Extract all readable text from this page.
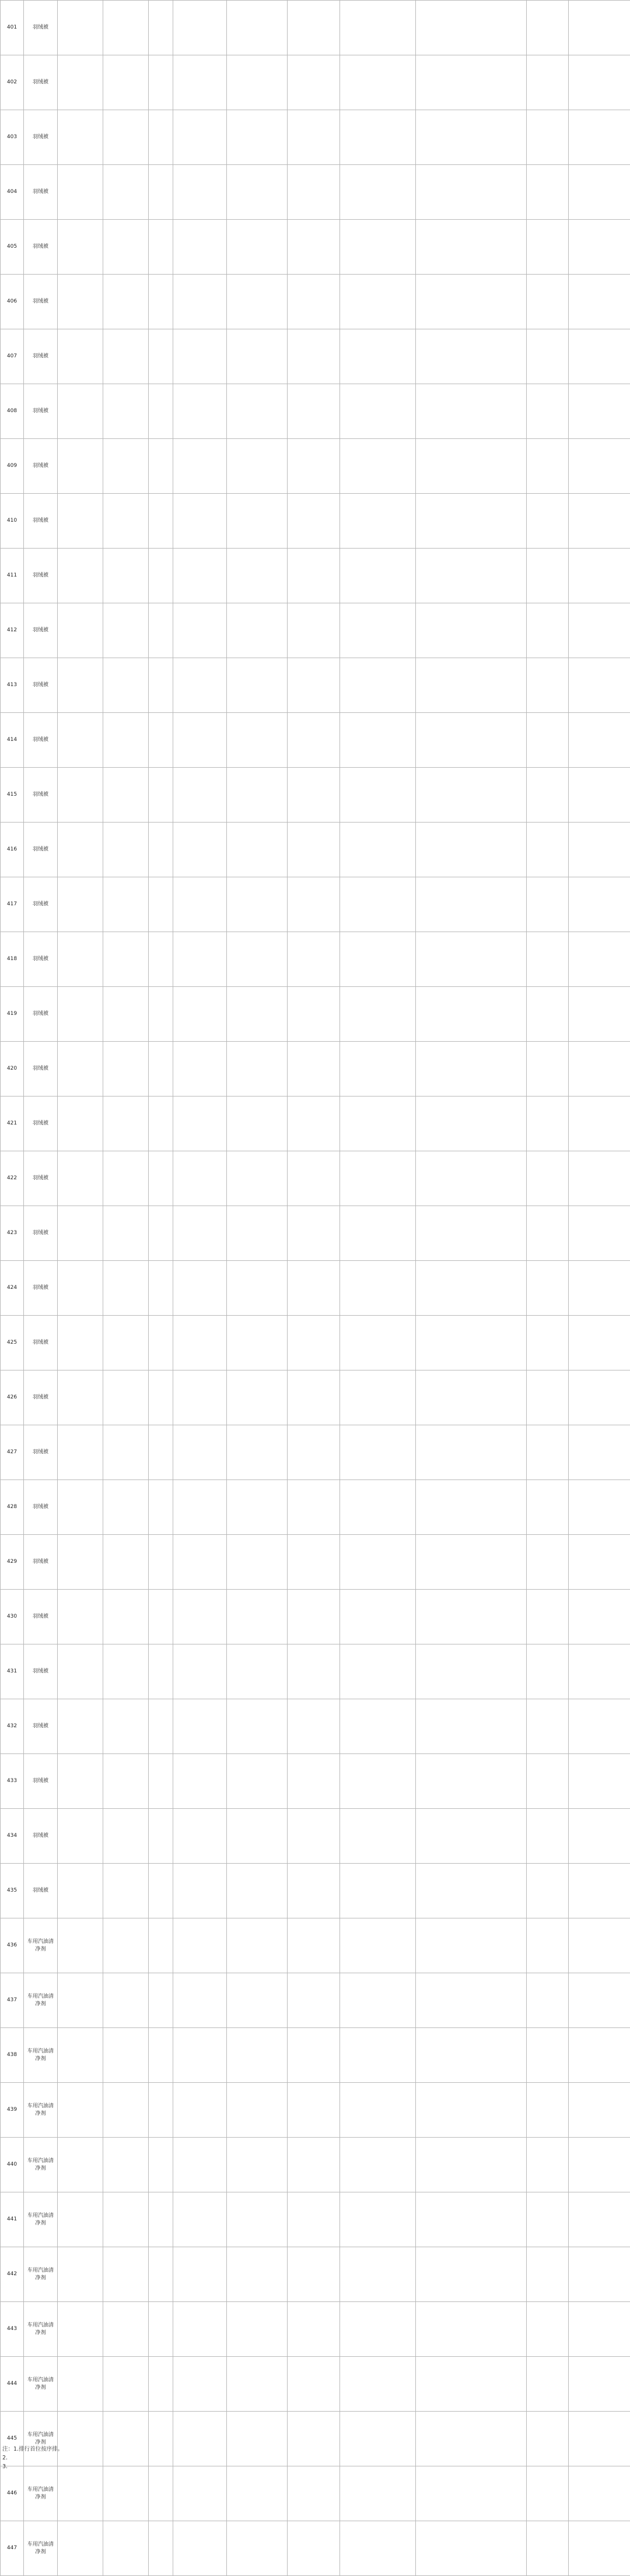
401	羽绒被										
402	羽绒被										
403	羽绒被										
404	羽绒被										
405	羽绒被										
406	羽绒被										
407	羽绒被										
408	羽绒被										
409	羽绒被										
410	羽绒被										
411	羽绒被										
412	羽绒被										
413	羽绒被										
414	羽绒被										
415	羽绒被										
416	羽绒被										
417	羽绒被										
418	羽绒被										
419	羽绒被										
420	羽绒被										
421	羽绒被										
422	羽绒被										
423	羽绒被										
424	羽绒被										
425	羽绒被										
426	羽绒被										
427	羽绒被										
428	羽绒被										
429	羽绒被										
430	羽绒被										
431	羽绒被										
432	羽绒被										
433	羽绒被										
434	羽绒被										
435	羽绒被										
436	车用汽油清净剂										
437	车用汽油清净剂										
438	车用汽油清净剂										
439	车用汽油清净剂										
440	车用汽油清净剂										
441	车用汽油清净剂										
442	车用汽油清净剂										
443	车用汽油清净剂										
444	车用汽油清净剂										
445	车用汽油清净剂										
446	车用汽油清净剂										
447	车用汽油清净剂										
注：1.排行首位按序排。
2.
3.
